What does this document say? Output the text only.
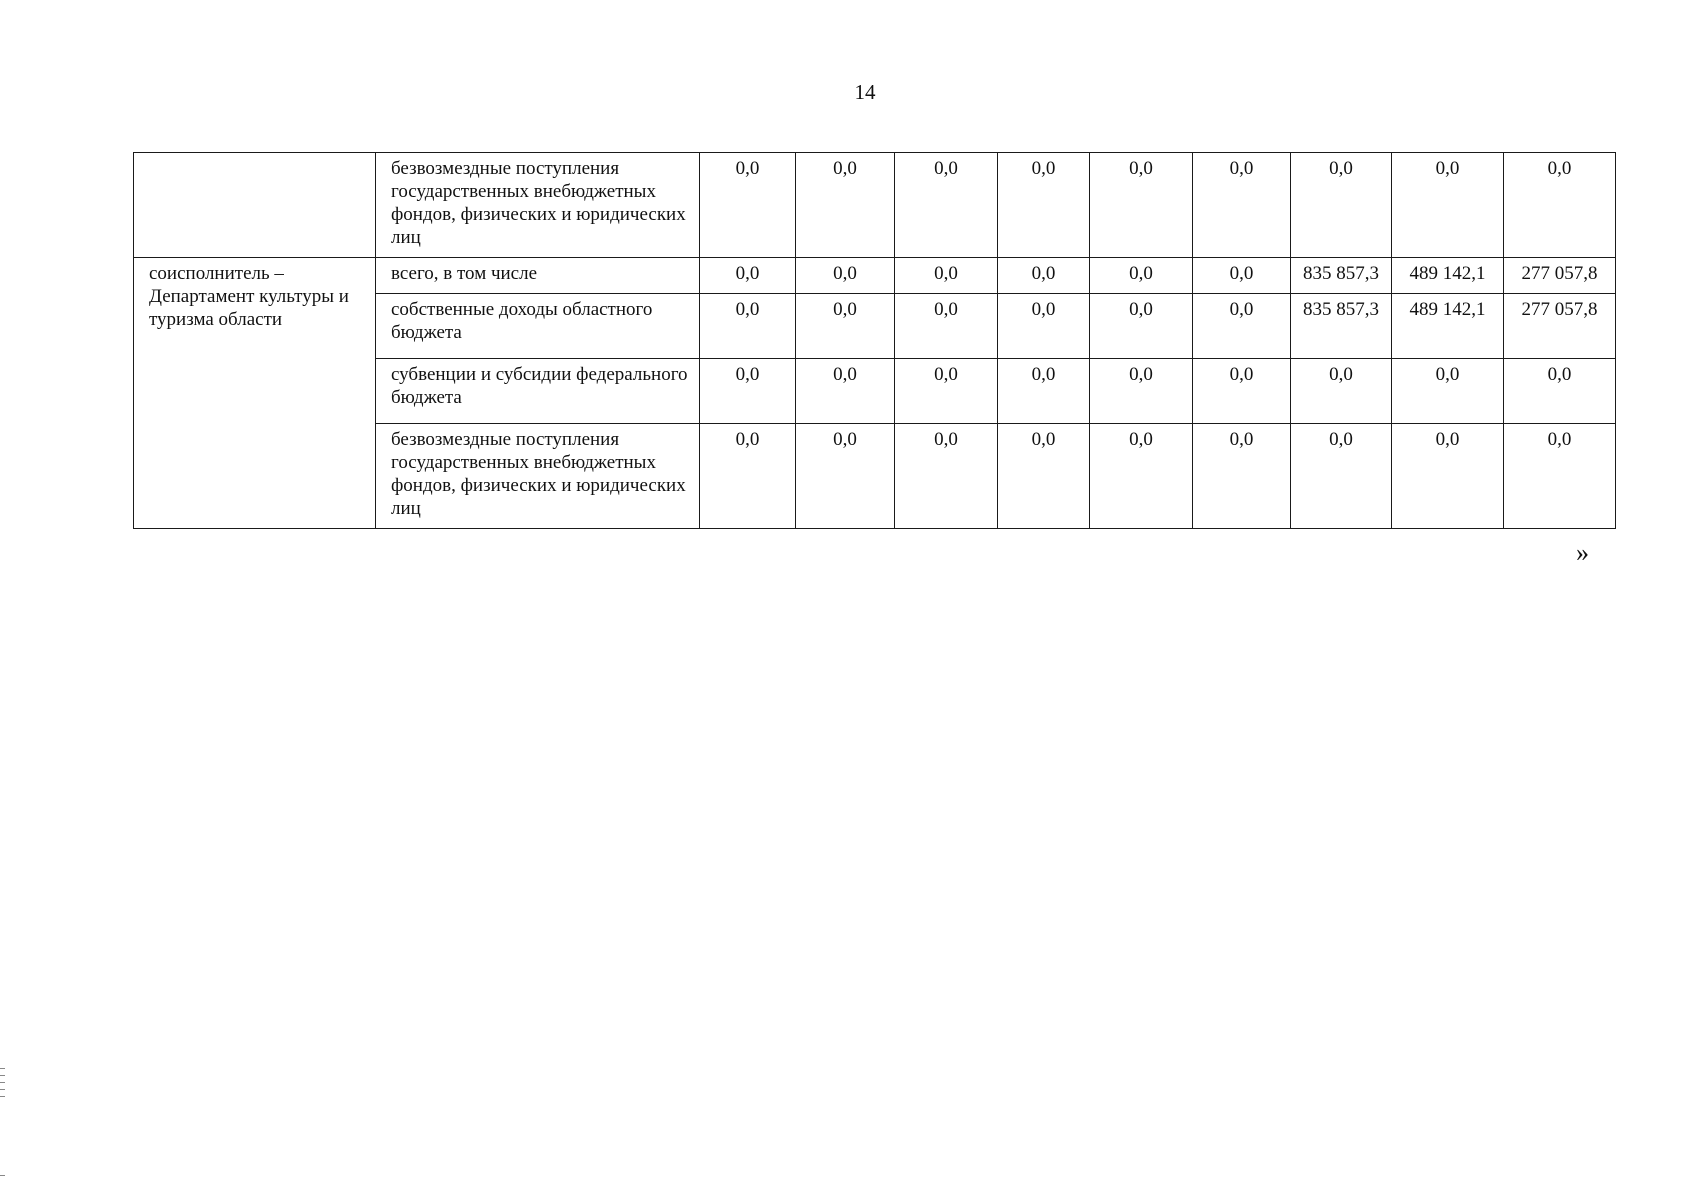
14
	безвозмездные поступления государственных внебюджетных фондов, физических и юридических лиц	0,0	0,0	0,0	0,0	0,0	0,0	0,0	0,0	0,0
соисполнитель – Департамент культуры и туризма области	всего, в том числе	0,0	0,0	0,0	0,0	0,0	0,0	835 857,3	489 142,1	277 057,8
	собственные доходы областного бюджета	0,0	0,0	0,0	0,0	0,0	0,0	835 857,3	489 142,1	277 057,8
	субвенции и субсидии федерального бюджета	0,0	0,0	0,0	0,0	0,0	0,0	0,0	0,0	0,0
	безвозмездные поступления государственных внебюджетных фондов, физических и юридических лиц	0,0	0,0	0,0	0,0	0,0	0,0	0,0	0,0	0,0
»
